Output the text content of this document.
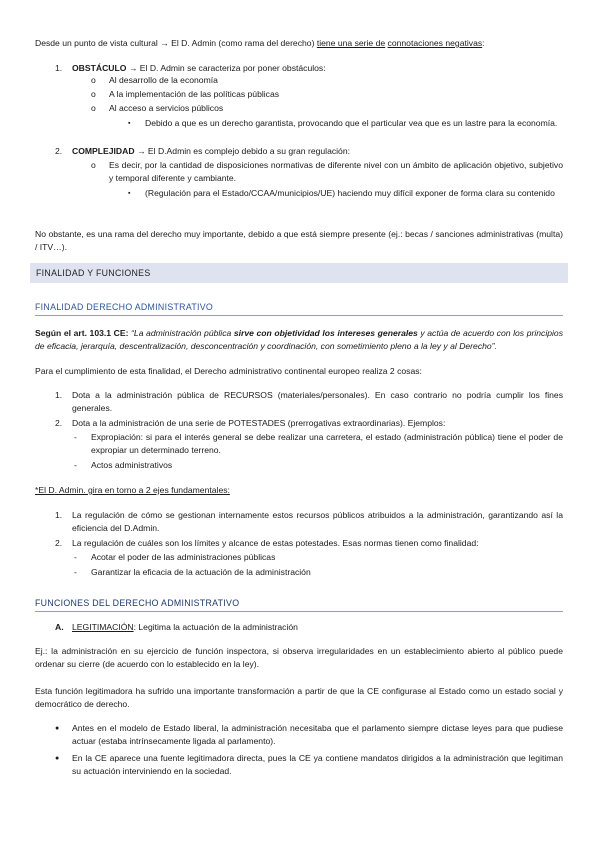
Desde un punto de vista cultural → El D. Admin (como rama del derecho) tiene una serie de connotaciones negativas:
1. OBSTÁCULO → El D. Admin se caracteriza por poner obstáculos:
o Al desarrollo de la economía
o A la implementación de las políticas públicas
o Al acceso a servicios públicos
▪ Debido a que es un derecho garantista, provocando que el particular vea que es un lastre para la economía.
2. COMPLEJIDAD → El D.Admin es complejo debido a su gran regulación:
o Es decir, por la cantidad de disposiciones normativas de diferente nivel con un ámbito de aplicación objetivo, subjetivo y temporal diferente y cambiante.
▪ (Regulación para el Estado/CCAA/municipios/UE) haciendo muy difícil exponer de forma clara su contenido
No obstante, es una rama del derecho muy importante, debido a que está siempre presente (ej.: becas / sanciones administrativas (multa) / ITV…).
FINALIDAD Y FUNCIONES
FINALIDAD DERECHO ADMINISTRATIVO
Según el art. 103.1 CE: “La administración pública sirve con objetividad los intereses generales y actúa de acuerdo con los principios de eficacia, jerarquía, descentralización, desconcentración y coordinación, con sometimiento pleno a la ley y al Derecho”.
Para el cumplimiento de esta finalidad, el Derecho administrativo continental europeo realiza 2 cosas:
1. Dota a la administración pública de RECURSOS (materiales/personales). En caso contrario no podría cumplir los fines generales.
2. Dota a la administración de una serie de POTESTADES (prerrogativas extraordinarias). Ejemplos:
- Expropiación: si para el interés general se debe realizar una carretera, el estado (administración pública) tiene el poder de expropiar un determinado terreno.
- Actos administrativos
*El D. Admin. gira en torno a 2 ejes fundamentales:
1. La regulación de cómo se gestionan internamente estos recursos públicos atribuidos a la administración, garantizando así la eficiencia del D.Admin.
2. La regulación de cuáles son los límites y alcance de estas potestades. Esas normas tienen como finalidad:
- Acotar el poder de las administraciones públicas
- Garantizar la eficacia de la actuación de la administración
FUNCIONES DEL DERECHO ADMINISTRATIVO
A. LEGITIMACIÓN: Legitima la actuación de la administración
Ej.: la administración en su ejercicio de función inspectora, si observa irregularidades en un establecimiento abierto al público puede ordenar su cierre (de acuerdo con lo establecido en la ley).
Esta función legitimadora ha sufrido una importante transformación a partir de que la CE configurase al Estado como un estado social y democrático de derecho.
● Antes en el modelo de Estado liberal, la administración necesitaba que el parlamento siempre dictase leyes para que pudiese actuar (estaba intrínsecamente ligada al parlamento).
● En la CE aparece una fuente legitimadora directa, pues la CE ya contiene mandatos dirigidos a la administración que legitiman su actuación interviniendo en la sociedad.
